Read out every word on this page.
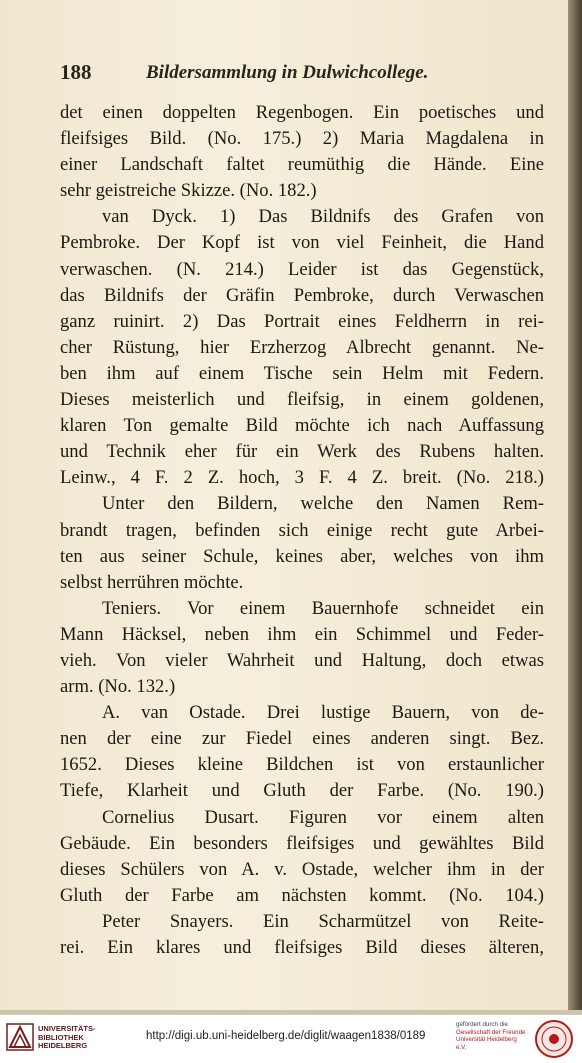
188	Bildersammlung in Dulwichcollege.
det einen doppelten Regenbogen. Ein poetisches und
fleifsiges Bild. (No. 175.) 2) Maria Magdalena in
einer Landschaft faltet reumüthig die Hände. Eine
sehr geistreiche Skizze. (No. 182.)
van Dyck. 1) Das Bildnifs des Grafen von
Pembroke. Der Kopf ist von viel Feinheit, die Hand
verwaschen. (N. 214.) Leider ist das Gegenstück,
das Bildnifs der Gräfin Pembroke, durch Verwaschen
ganz ruinirt. 2) Das Portrait eines Feldherrn in rei-
cher Rüstung, hier Erzherzog Albrecht genannt. Ne-
ben ihm auf einem Tische sein Helm mit Federn.
Dieses meisterlich und fleifsig, in einem goldenen,
klaren Ton gemalte Bild möchte ich nach Auffassung
und Technik eher für ein Werk des Rubens halten.
Leinw., 4 F. 2 Z. hoch, 3 F. 4 Z. breit. (No. 218.)
Unter den Bildern, welche den Namen Rem-
brandt tragen, befinden sich einige recht gute Arbei-
ten aus seiner Schule, keines aber, welches von ihm
selbst herrühren möchte.
Teniers. Vor einem Bauernhofe schneidet ein
Mann Häcksel, neben ihm ein Schimmel und Feder-
vieh. Von vieler Wahrheit und Haltung, doch etwas
arm. (No. 132.)
A. van Ostade. Drei lustige Bauern, von de-
nen der eine zur Fiedel eines anderen singt. Bez.
1652. Dieses kleine Bildchen ist von erstaunlicher
Tiefe, Klarheit und Gluth der Farbe. (No. 190.)
Cornelius Dusart. Figuren vor einem alten
Gebäude. Ein besonders fleifsiges und gewähltes Bild
dieses Schülers von A. v. Ostade, welcher ihm in der
Gluth der Farbe am nächsten kommt. (No. 104.)
Peter Snayers. Ein Scharmützel von Reite-
rei. Ein klares und fleifsiges Bild dieses älteren,
UNIVERSITÄTS-
BIBLIOTHEK
HEIDELBERG
http://digi.ub.uni-heidelberg.de/diglit/waagen1838/0189
gefördert durch die
Gesellschaft der Freunde
Universität Heidelberg e.V.
